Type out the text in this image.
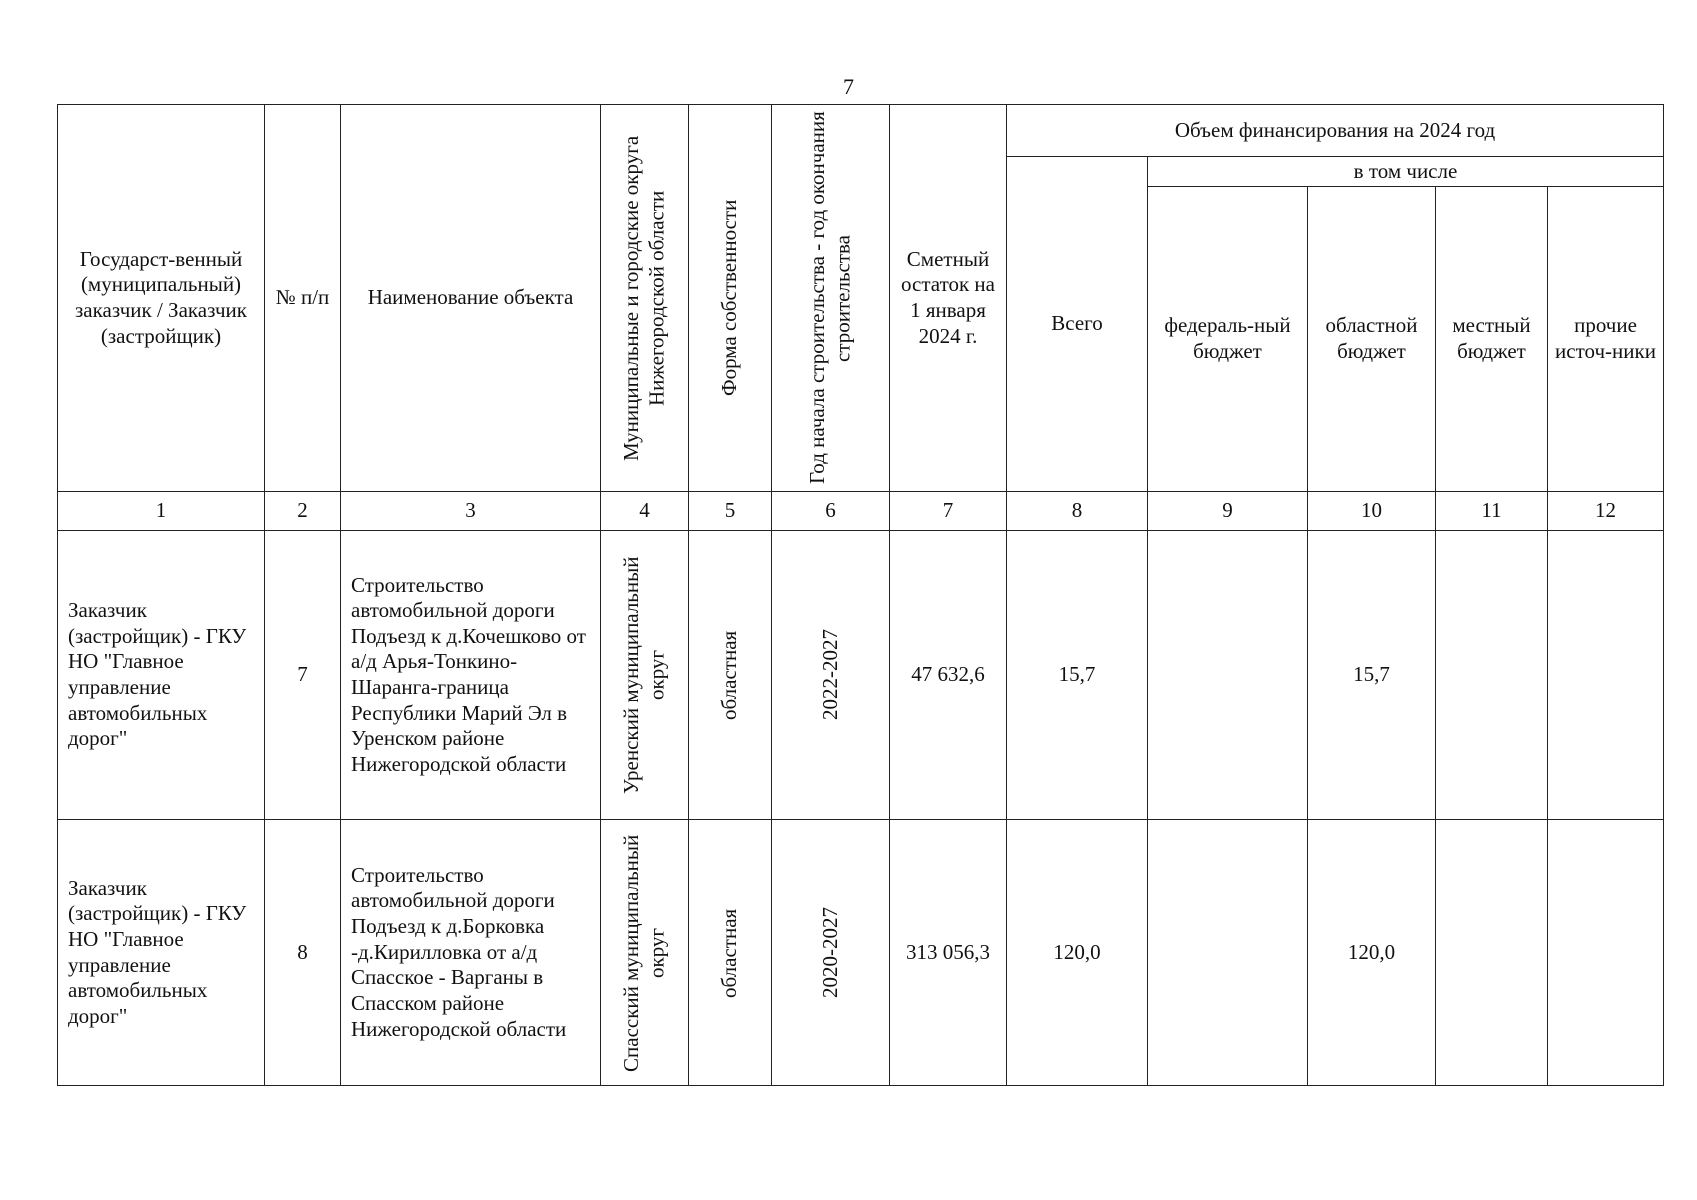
7
Государст-венный (муниципальный) заказчик / Заказчик (застройщик)	№ п/п	Наименование объекта	Муниципальные и городские округа Нижегородской области	Форма собственности	Год начала строительства - год окончания строительства	Сметный остаток на 1 января 2024 г.	Объем финансирования на 2024 год				
							Всего	в том числе			
								федераль-ный бюджет	областной бюджет	местный бюджет	прочие источ-ники
1	2	3	4	5	6	7	8	9	10	11	12
Заказчик (застройщик) - ГКУ НО "Главное управление автомобильных дорог"	7	Строительство автомобильной дороги Подъезд к д.Кочешково от а/д Арья-Тонкино-Шаранга-граница Республики Марий Эл в Уренском районе Нижегородской области	Уренский муниципальный округ	областная	2022-2027	47 632,6	15,7		15,7		
Заказчик (застройщик) - ГКУ НО "Главное управление автомобильных дорог"	8	Строительство автомобильной дороги Подъезд к д.Борковка -д.Кирилловка от а/д Спасское - Варганы в Спасском районе Нижегородской области	Спасский муниципальный округ	областная	2020-2027	313 056,3	120,0		120,0		
